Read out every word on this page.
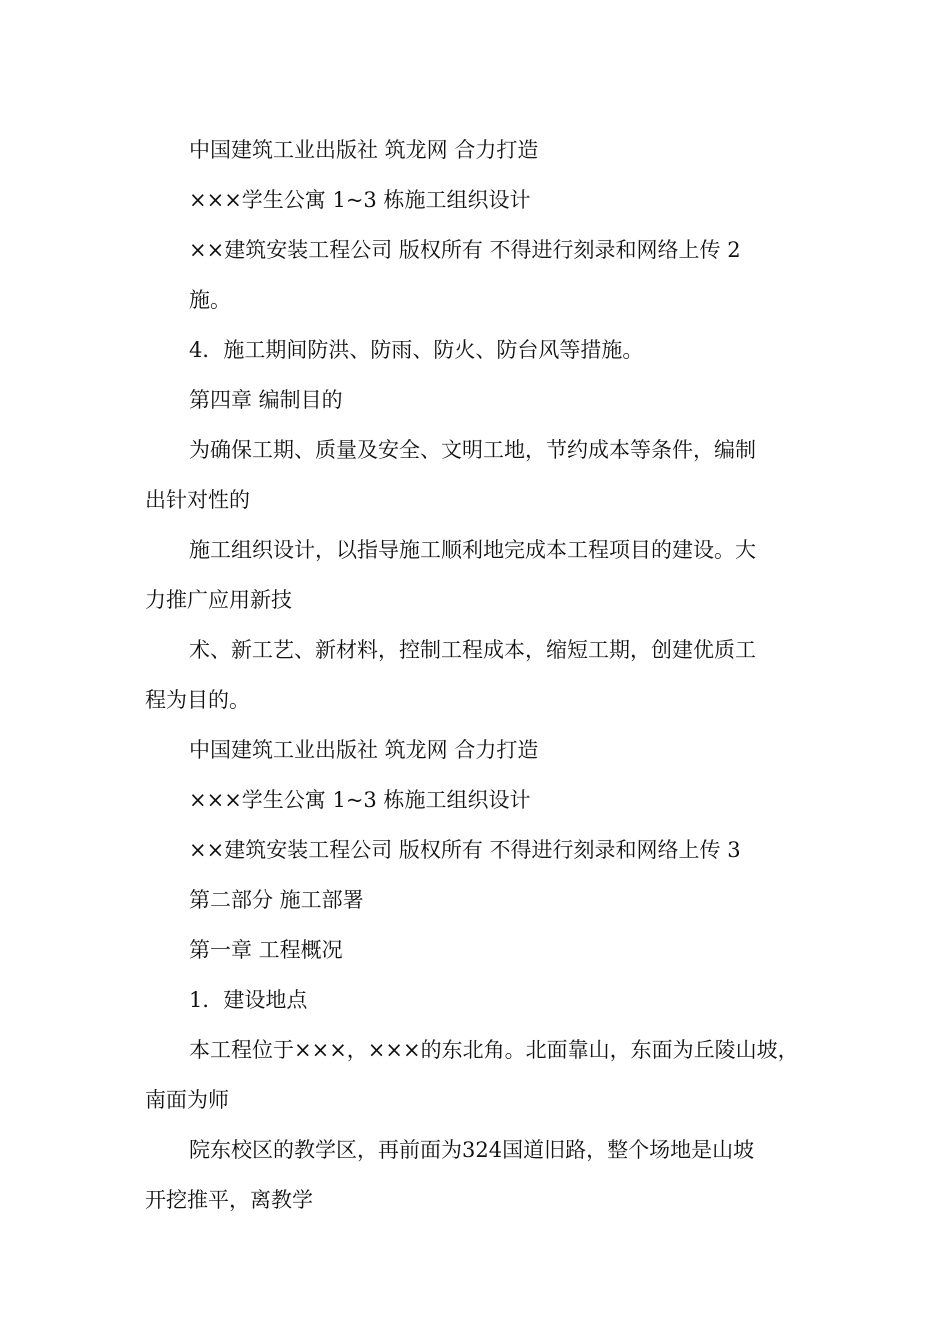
中国建筑工业出版社 筑龙网 合力打造
×××学生公寓 1~3 栋施工组织设计
××建筑安装工程公司 版权所有 不得进行刻录和网络上传 2
施。
4．施工期间防洪、防雨、防火、防台风等措施。
第四章 编制目的
为确保工期、质量及安全、文明工地，节约成本等条件，编制
出针对性的
施工组织设计，以指导施工顺利地完成本工程项目的建设。大
力推广应用新技
术、新工艺、新材料，控制工程成本，缩短工期，创建优质工
程为目的。
中国建筑工业出版社 筑龙网 合力打造
×××学生公寓 1~3 栋施工组织设计
××建筑安装工程公司 版权所有 不得进行刻录和网络上传 3
第二部分 施工部署
第一章 工程概况
1．建设地点
本工程位于×××，×××的东北角。北面靠山，东面为丘陵山坡，
南面为师
院东校区的教学区，再前面为324国道旧路，整个场地是山坡
开挖推平，离教学
